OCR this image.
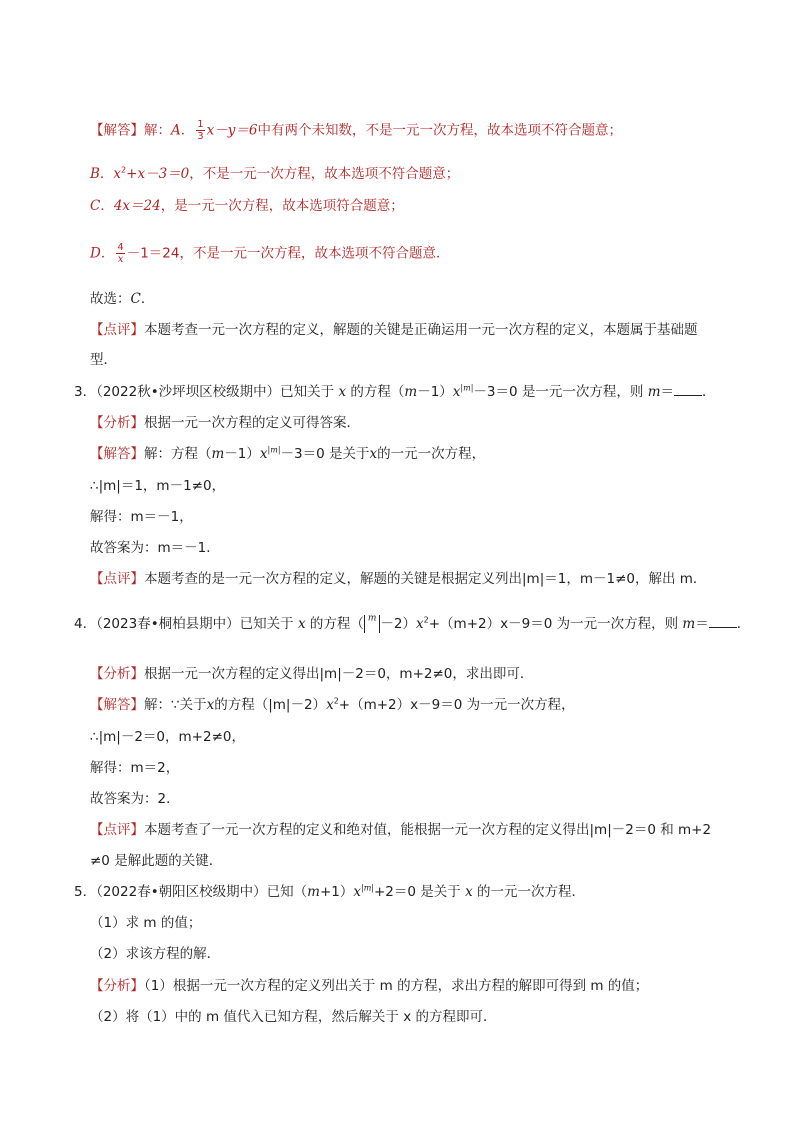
【解答】解：A． $\frac{1}{3} x-y=6$中有两个未知数，不是一元一次方程，故本选项不符合题意；
B．$x^2+x-3=0$，不是一元一次方程，故本选项不符合题意；
C．4x＝24，是一元一次方程，故本选项符合题意；
D． $\frac{4}{x} -1=24$，不是一元一次方程，故本选项不符合题意．
故选：C．
【点评】本题考查一元一次方程的定义，解题的关键是正确运用一元一次方程的定义，本题属于基础题
型．
3．（2022秋•沙坪坝区校级期中）已知关于 x 的方程$(m-1)x^{|m|}-3=0$ 是一元一次方程，则 m＝ ．
【分析】根据一元一次方程的定义可得答案．
【解答】解：方程$(m-1)x^{|m|}-3=0$ 是关于x的一元一次方程，
∴|m|＝1，m－1≠0，
解得：m＝－1，
故答案为：m＝－1．
【点评】本题考查的是一元一次方程的定义，解题的关键是根据定义列出|m|＝1，m－1≠0，解出 m．
4．（2023春•桐柏县期中）已知关于 x 的方程（ $^m -2)x^2+(m+2)x-9=0$ 为一元一次方程，则 m＝ ．
【分析】根据一元一次方程的定义得出|m|－2＝0，m+2≠0，求出即可．
【解答】解：∵关于x的方程$(|m|-2)x^2+(m+2)x-9=0$ 为一元一次方程，
∴|m|－2＝0，m+2≠0，
解得：m＝2，
故答案为：2．
【点评】本题考查了一元一次方程的定义和绝对值，能根据一元一次方程的定义得出|m|－2＝0 和 m+2
≠0 是解此题的关键．
5．（2022春•朝阳区校级期中）已知$(m+1)x^{|m|}+2=0$ 是关于 x 的一元一次方程．
（1）求 m 的值；
（2）求该方程的解．
【分析】（1）根据一元一次方程的定义列出关于 m 的方程，求出方程的解即可得到 m 的值；
（2）将（1）中的 m 值代入已知方程，然后解关于 x 的方程即可．
